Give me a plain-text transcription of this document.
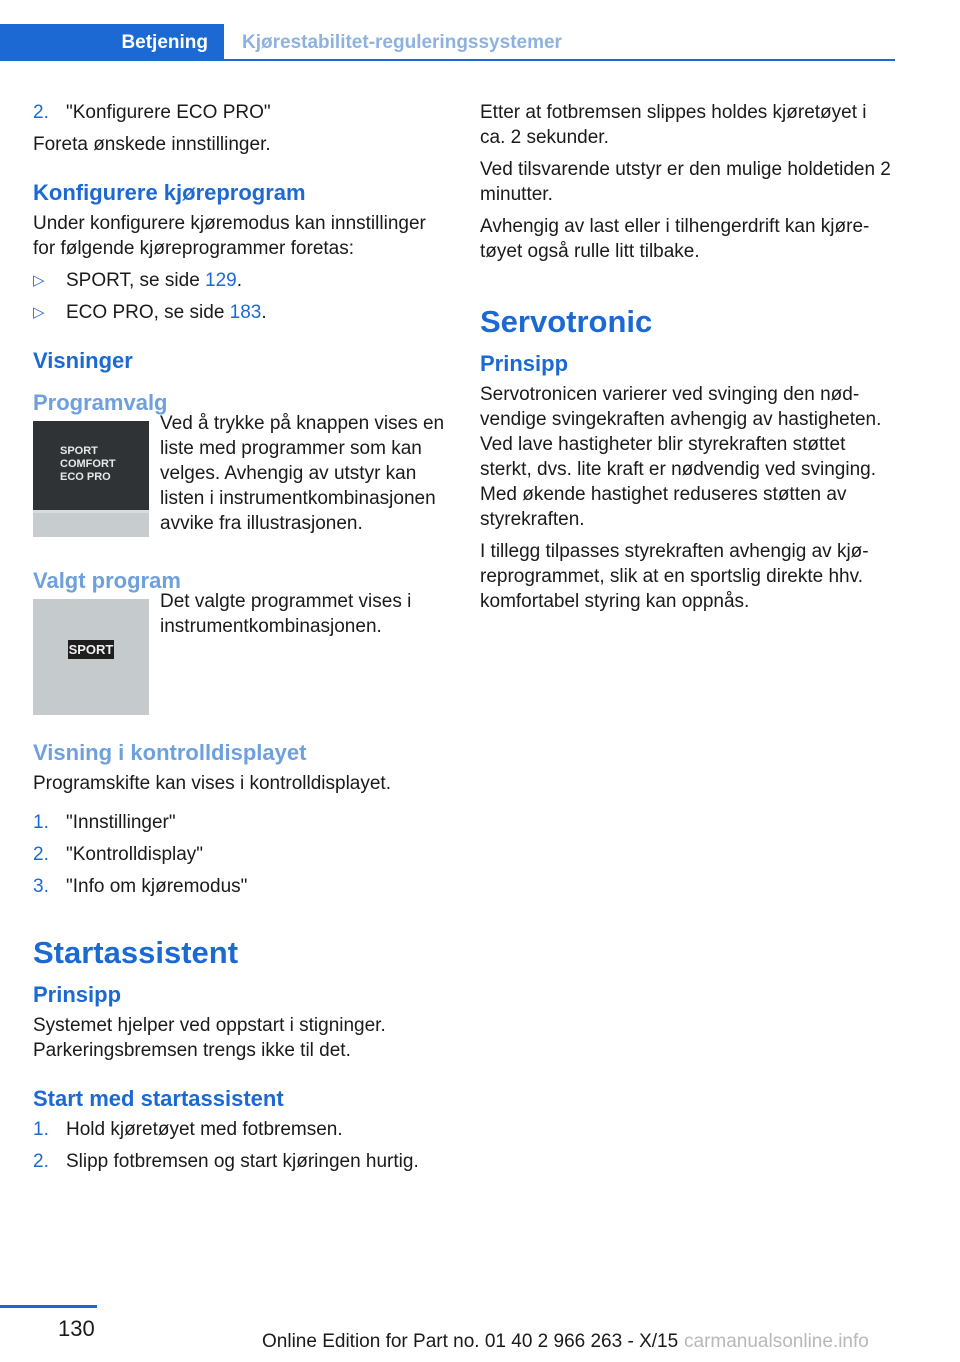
Betjening Kjørestabilitet-reguleringssystemer
2. "Konfigurere ECO PRO"

Foreta ønskede innstillinger.

Konfigurere kjøreprogram

Under konfigurere kjøremodus kan innstillinger for følgende kjøreprogrammer foretas:

▷	SPORT, se side 129.
▷	ECO PRO, se side 183.
Visninger
Programvalg
SPORT
COMFORT
ECO PRO

Ved å trykke på knappen vises en liste med programmer som kan velges. Avhengig av utstyr kan listen i instrumentkombinasjonen avvike fra illustrasjonen.

Valgt program
SPORT

Det valgte programmet vises i instrumentkombinasjonen.

Visning i kontrolldisplayet

Programskifte kan vises i kontrolldisplayet.

1. "Innstillinger"
2. "Kontrolldisplay"
3. "Info om kjøremodus"
Startassistent
Prinsipp

Systemet hjelper ved oppstart i stigninger. Parkeringsbremsen trengs ikke til det.

Start med startassistent
1. Hold kjøretøyet med fotbremsen.
2. Slipp fotbremsen og start kjøringen hurtig.

Etter at fotbremsen slippes holdes kjøretøyet i ca. 2 sekunder.

Ved tilsvarende utstyr er den mulige holdetiden 2 minutter.

Avhengig av last eller i tilhengerdrift kan kjøretøyet også rulle litt tilbake.

Servotronic
Prinsipp

Servotronicen varierer ved svinging den nødvendige svingekraften avhengig av hastigheten. Ved lave hastigheter blir styrekraften støttet sterkt, dvs. lite kraft er nødvendig ved svinging. Med økende hastighet reduseres støtten av styrekraften.

I tillegg tilpasses styrekraften avhengig av kjøreprogrammet, slik at en sportslig direkte hhv. komfortabel styring kan oppnås.

130
Online Edition for Part no. 01 40 2 966 263 - X/15 carmanualsonline.info
